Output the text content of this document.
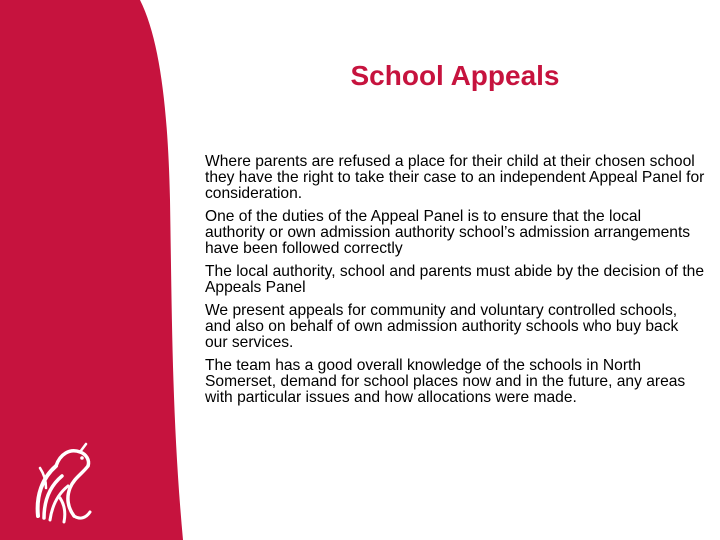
School Appeals

Where parents are refused a place for their child at their chosen school they have the right to take their case to an independent Appeal Panel for consideration.

One of the duties of the Appeal Panel is to ensure that the local authority or own admission authority school’s admission arrangements have been followed correctly

The local authority, school and parents must abide by the decision of the Appeals Panel

We present appeals for community and voluntary controlled schools, and also on behalf of own admission authority schools who buy back our services.

The team has a good overall knowledge of the schools in North Somerset, demand for school places now and in the future, any areas with particular issues and how allocations were made.
